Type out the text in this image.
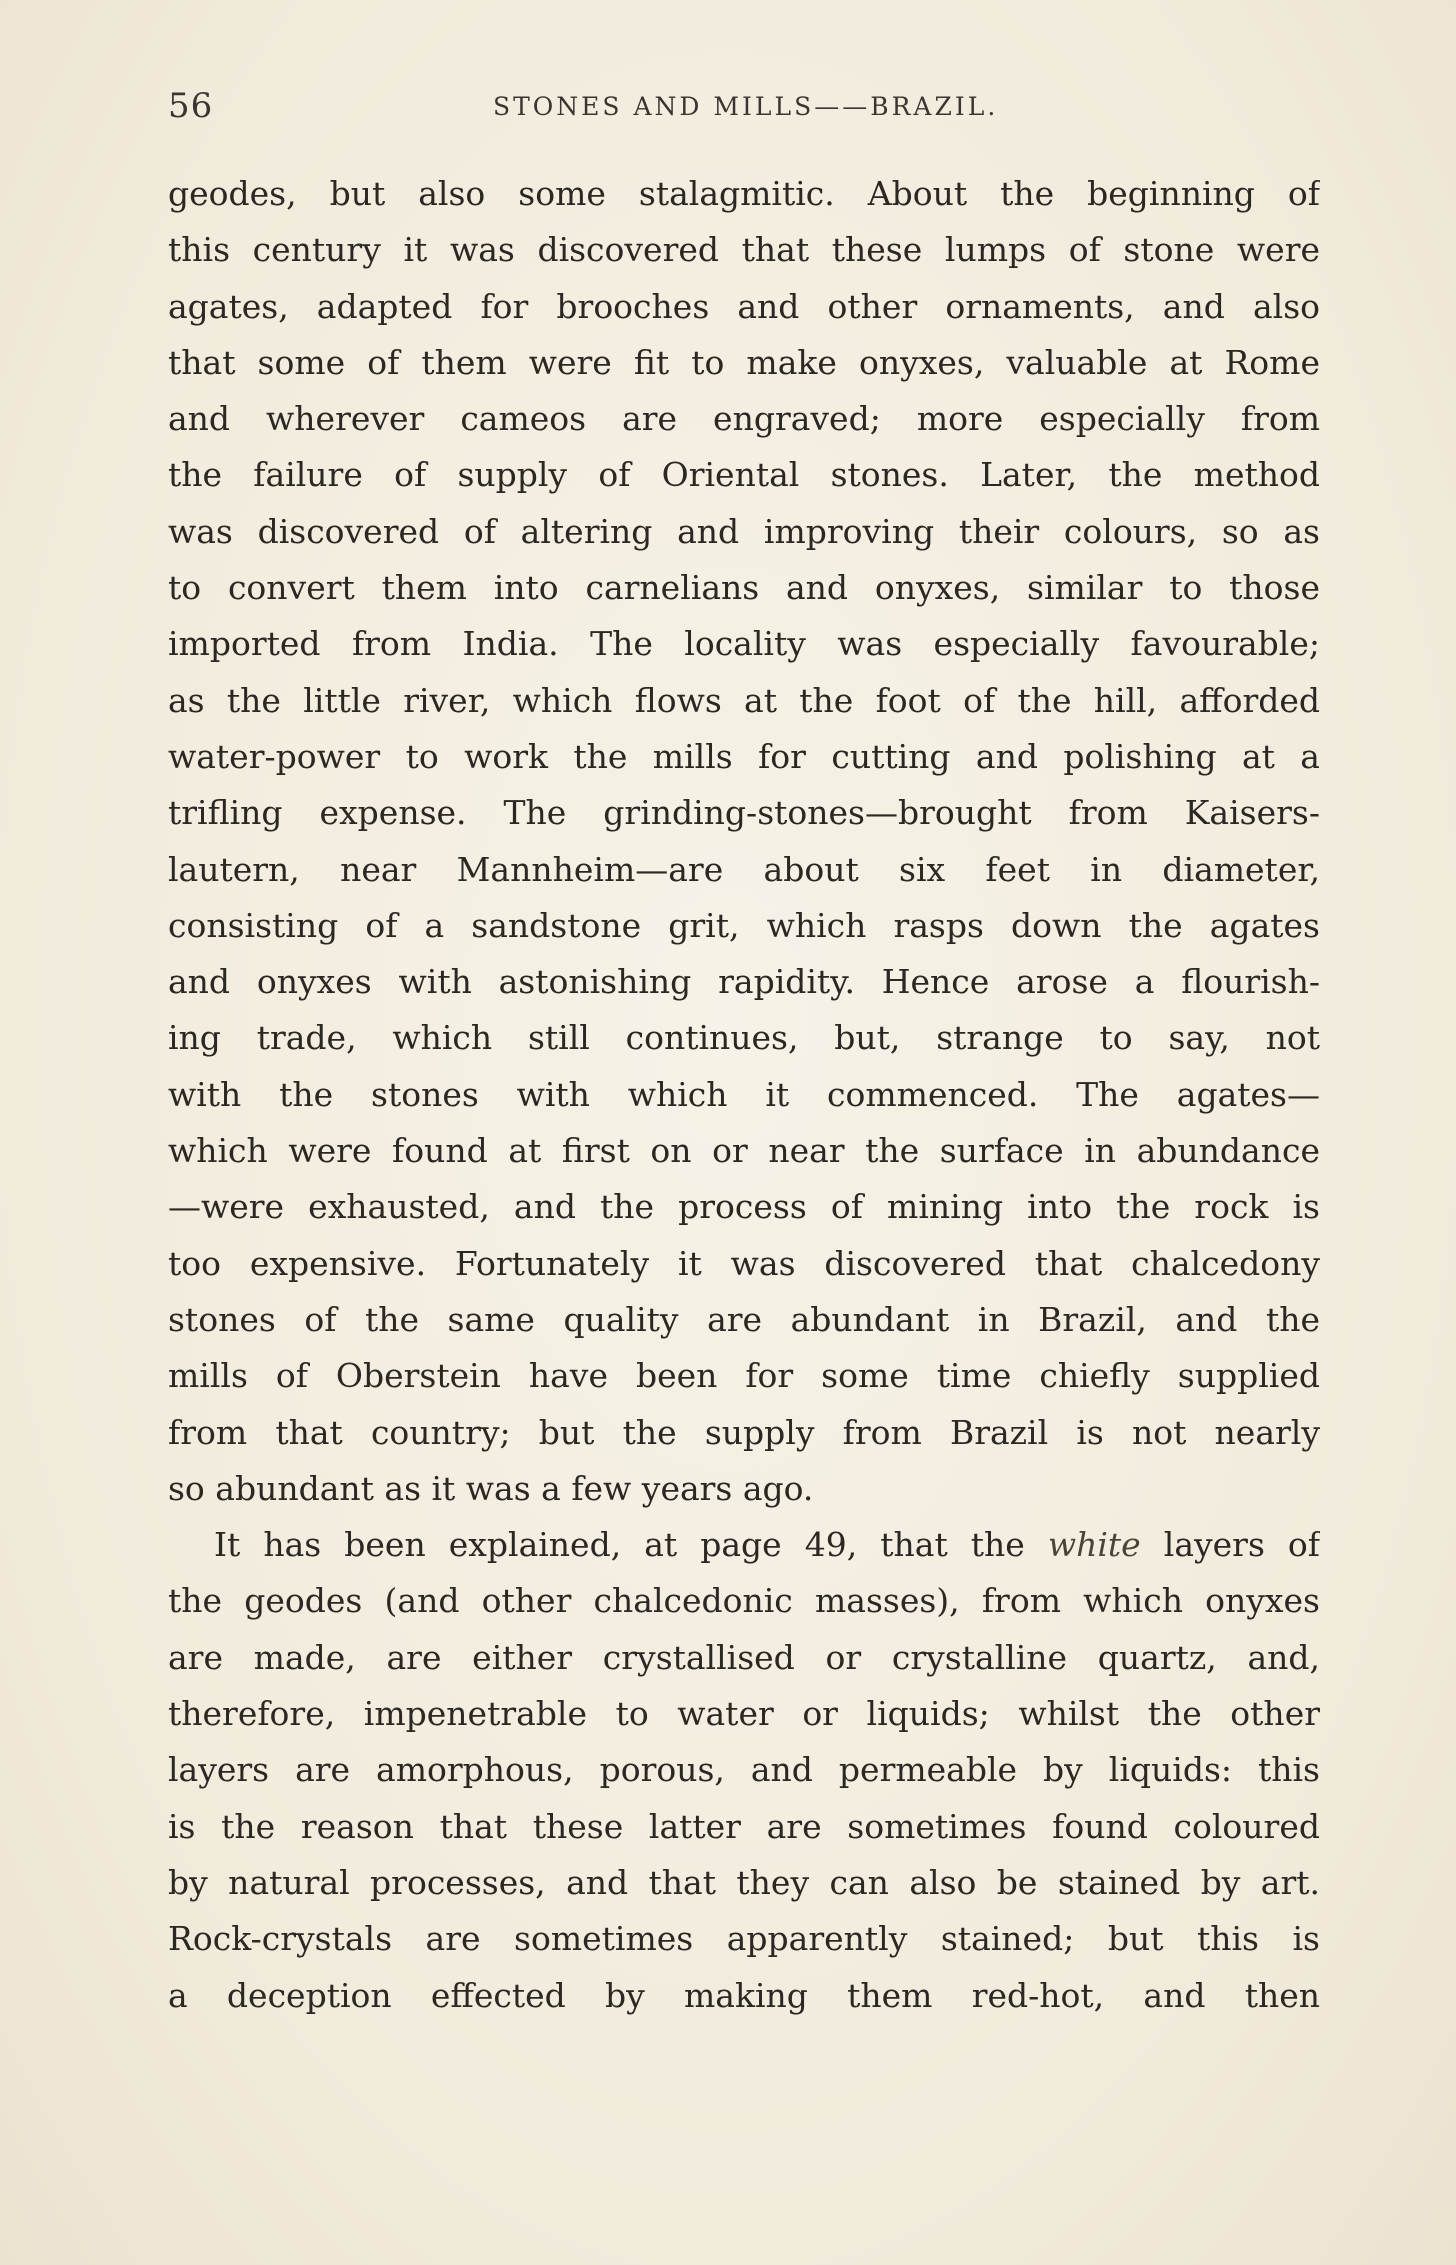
56	STONES AND MILLS——BRAZIL.
geodes, but also some stalagmitic. About the beginning of
this century it was discovered that these lumps of stone were
agates, adapted for brooches and other ornaments, and also
that some of them were fit to make onyxes, valuable at Rome
and wherever cameos are engraved; more especially from
the failure of supply of Oriental stones. Later, the method
was discovered of altering and improving their colours, so as
to convert them into carnelians and onyxes, similar to those
imported from India. The locality was especially favourable;
as the little river, which flows at the foot of the hill, afforded
water-power to work the mills for cutting and polishing at a
trifling expense. The grinding-stones—brought from Kaisers-
lautern, near Mannheim—are about six feet in diameter,
consisting of a sandstone grit, which rasps down the agates
and onyxes with astonishing rapidity. Hence arose a flourish-
ing trade, which still continues, but, strange to say, not
with the stones with which it commenced. The agates—
which were found at first on or near the surface in abundance
—were exhausted, and the process of mining into the rock is
too expensive. Fortunately it was discovered that chalcedony
stones of the same quality are abundant in Brazil, and the
mills of Oberstein have been for some time chiefly supplied
from that country; but the supply from Brazil is not nearly
so abundant as it was a few years ago.
It has been explained, at page 49, that the white layers of
the geodes (and other chalcedonic masses), from which onyxes
are made, are either crystallised or crystalline quartz, and,
therefore, impenetrable to water or liquids; whilst the other
layers are amorphous, porous, and permeable by liquids: this
is the reason that these latter are sometimes found coloured
by natural processes, and that they can also be stained by art.
Rock-crystals are sometimes apparently stained; but this is
a deception effected by making them red-hot, and then
